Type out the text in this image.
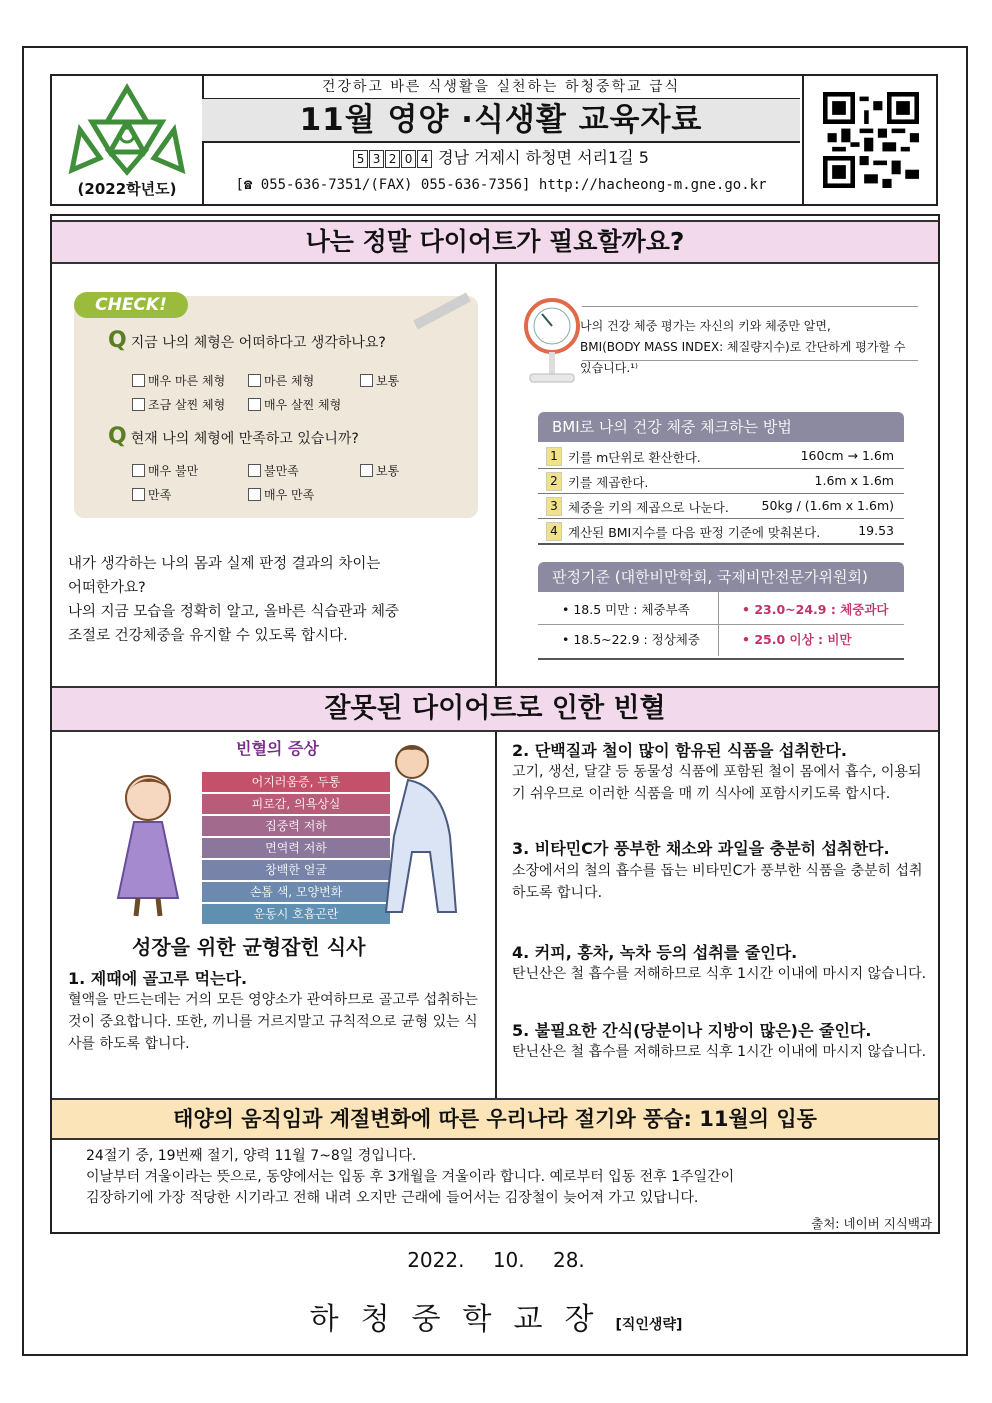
(2022학년도)
건강하고 바른 식생활을 실천하는 하청중학교 급식
11월 영양 ·식생활 교육자료
5 3 2 0 4 경남 거제시 하청면 서리1길 5
[☎ 055-636-7351/(FAX) 055-636-7356] http://hacheong-m.gne.go.kr
나는 정말 다이어트가 필요할까요?
CHECK!
Q지금 나의 체형은 어떠하다고 생각하나요?
매우 마른 체형	마른 체형	보통
조금 살찐 체형	매우 살찐 체형
Q현재 나의 체형에 만족하고 있습니까?
매우 불만	불만족	보통
만족	매우 만족
내가 생각하는 나의 몸과 실제 판정 결과의 차이는
어떠한가요?
나의 지금 모습을 정확히 알고, 올바른 식습관과 체중
조절로 건강체중을 유지할 수 있도록 합시다.
나의 건강 체중 평가는 자신의 키와 체중만 알면,
BMI(BODY MASS INDEX: 체질량지수)로 간단하게 평가할 수 있습니다.¹⁾
BMI로 나의 건강 체중 체크하는 방법
1 키를 m단위로 환산한다.	160cm → 1.6m
2 키를 제곱한다.	1.6m x 1.6m
3 체중을 키의 제곱으로 나눈다.	50kg / (1.6m x 1.6m)
4 계산된 BMI지수를 다음 판정 기준에 맞춰본다.	19.53
판정기준 (대한비만학회, 국제비만전문가위원회)
• 18.5 미만 : 체중부족	• 23.0~24.9 : 체중과다
• 18.5~22.9 : 정상체중	• 25.0 이상 : 비만
잘못된 다이어트로 인한 빈혈
빈혈의 증상
어지러움증, 두통
피로감, 의욕상실
집중력 저하
면역력 저하
창백한 얼굴
손톱 색, 모양변화
운동시 호흡곤란
성장을 위한 균형잡힌 식사
1. 제때에 골고루 먹는다.
혈액을 만드는데는 거의 모든 영양소가 관여하므로 골고루 섭취하는 것이 중요합니다. 또한, 끼니를 거르지말고 규칙적으로 균형 있는 식사를 하도록 합니다.
2. 단백질과 철이 많이 함유된 식품을 섭취한다.
고기, 생선, 달걀 등 동물성 식품에 포함된 철이 몸에서 흡수, 이용되기 쉬우므로 이러한 식품을 매 끼 식사에 포함시키도록 합시다.
3. 비타민C가 풍부한 채소와 과일을 충분히 섭취한다.
소장에서의 철의 흡수를 돕는 비타민C가 풍부한 식품을 충분히 섭취하도록 합니다.
4. 커피, 홍차, 녹차 등의 섭취를 줄인다.
탄닌산은 철 흡수를 저해하므로 식후 1시간 이내에 마시지 않습니다.
5. 불필요한 간식(당분이나 지방이 많은)은 줄인다.
탄닌산은 철 흡수를 저해하므로 식후 1시간 이내에 마시지 않습니다.
태양의 움직임과 계절변화에 따른 우리나라 절기와 풍습: 11월의 입동
24절기 중, 19번째 절기, 양력 11월 7~8일 경입니다.
이날부터 겨울이라는 뜻으로, 동양에서는 입동 후 3개월을 겨울이라 합니다. 예로부터 입동 전후 1주일간이
김장하기에 가장 적당한 시기라고 전해 내려 오지만 근래에 들어서는 김장철이 늦어져 가고 있답니다.
출처: 네이버 지식백과
2022. 10. 28.
하청중학교장[직인생략]
